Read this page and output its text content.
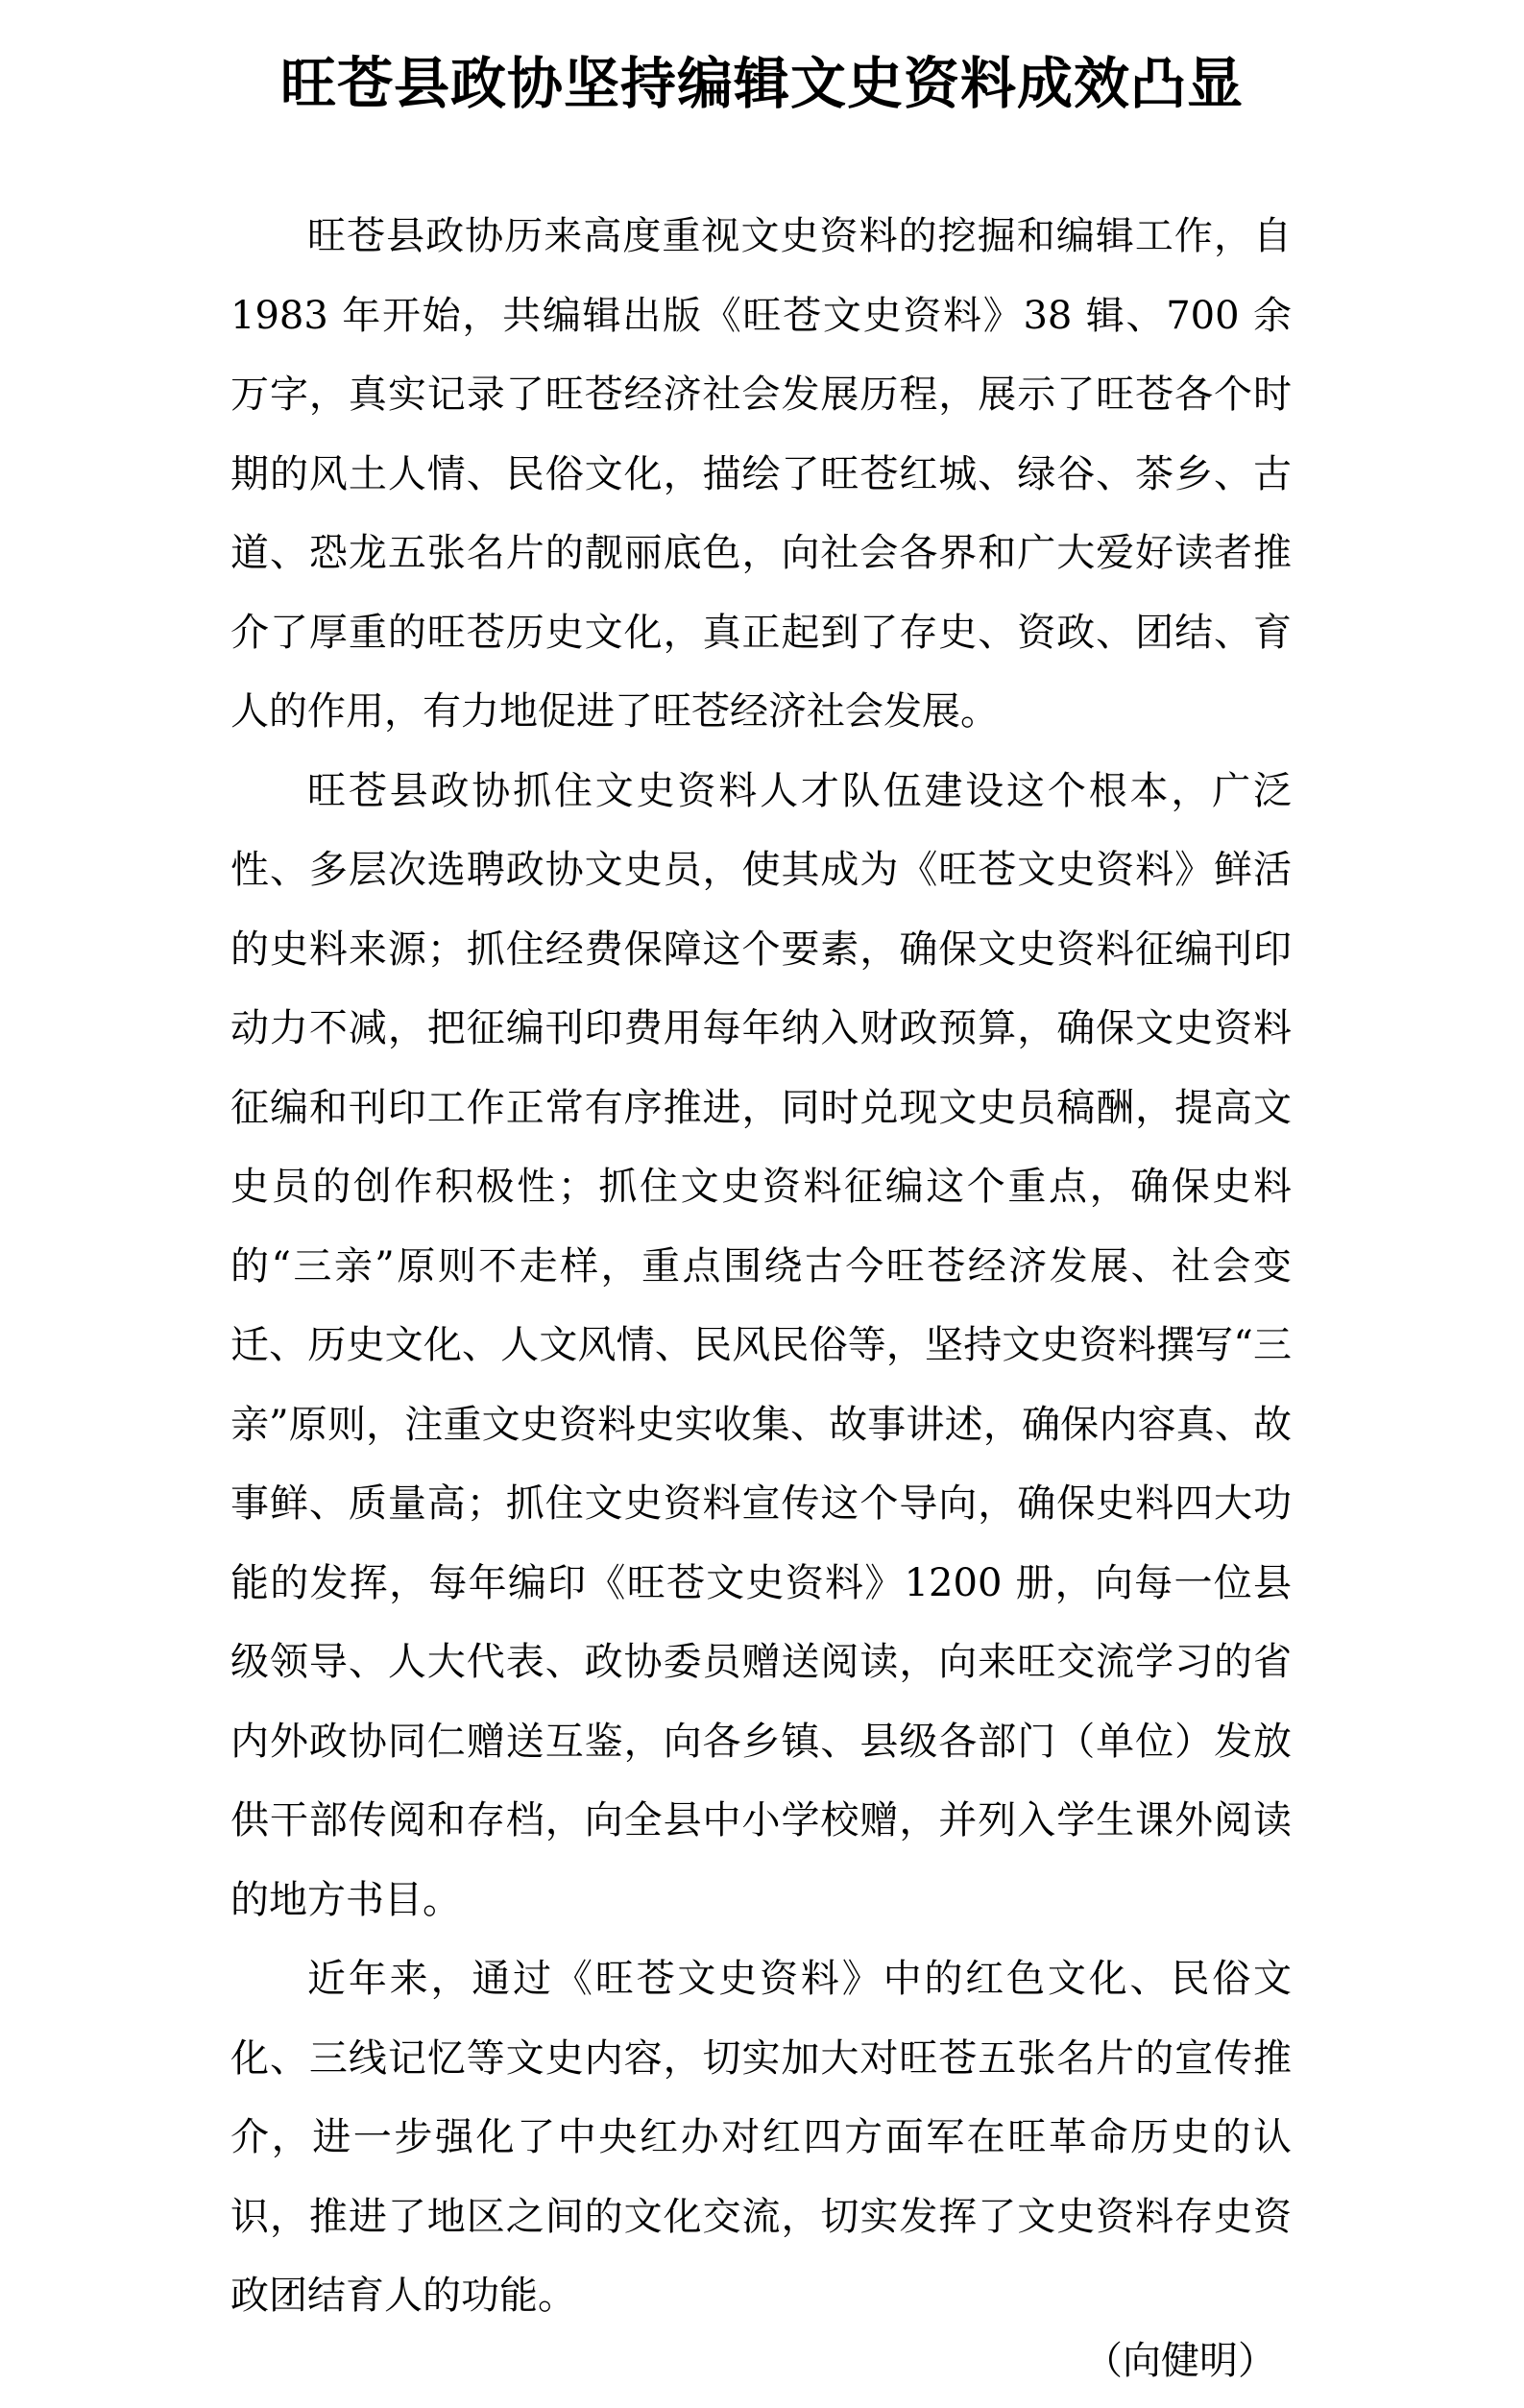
旺苍县政协坚持编辑文史资料成效凸显

旺苍县政协历来高度重视文史资料的挖掘和编辑工作，自 1983 年开始，共编辑出版《旺苍文史资料》38 辑、700 余万字，真实记录了旺苍经济社会发展历程，展示了旺苍各个时期的风土人情、民俗文化，描绘了旺苍红城、绿谷、茶乡、古道、恐龙五张名片的靓丽底色，向社会各界和广大爱好读者推介了厚重的旺苍历史文化，真正起到了存史、资政、团结、育人的作用，有力地促进了旺苍经济社会发展。

旺苍县政协抓住文史资料人才队伍建设这个根本，广泛性、多层次选聘政协文史员，使其成为《旺苍文史资料》鲜活的史料来源；抓住经费保障这个要素，确保文史资料征编刊印动力不减，把征编刊印费用每年纳入财政预算，确保文史资料征编和刊印工作正常有序推进，同时兑现文史员稿酬，提高文史员的创作积极性；抓住文史资料征编这个重点，确保史料的“三亲”原则不走样，重点围绕古今旺苍经济发展、社会变迁、历史文化、人文风情、民风民俗等，坚持文史资料撰写“三亲”原则，注重文史资料史实收集、故事讲述，确保内容真、故事鲜、质量高；抓住文史资料宣传这个导向，确保史料四大功能的发挥，每年编印《旺苍文史资料》1200 册，向每一位县级领导、人大代表、政协委员赠送阅读，向来旺交流学习的省内外政协同仁赠送互鉴，向各乡镇、县级各部门（单位）发放供干部传阅和存档，向全县中小学校赠，并列入学生课外阅读的地方书目。

近年来，通过《旺苍文史资料》中的红色文化、民俗文化、三线记忆等文史内容，切实加大对旺苍五张名片的宣传推介，进一步强化了中央红办对红四方面军在旺革命历史的认识，推进了地区之间的文化交流，切实发挥了文史资料存史资政团结育人的功能。

（向健明）
